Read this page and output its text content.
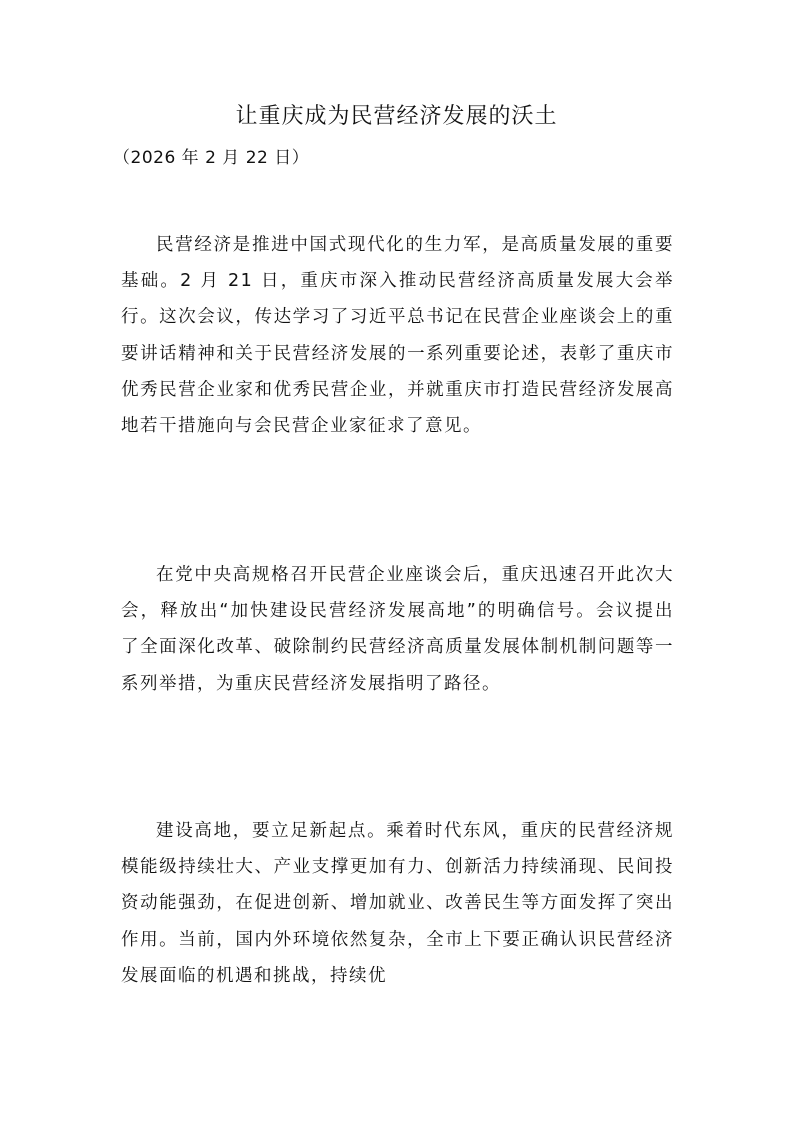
让重庆成为民营经济发展的沃土

（2026 年 2 月 22 日）

民营经济是推进中国式现代化的生力军，是高质量发展的重要基础。2 月 21 日，重庆市深入推动民营经济高质量发展大会举行。这次会议，传达学习了习近平总书记在民营企业座谈会上的重要讲话精神和关于民营经济发展的一系列重要论述，表彰了重庆市优秀民营企业家和优秀民营企业，并就重庆市打造民营经济发展高地若干措施向与会民营企业家征求了意见。

在党中央高规格召开民营企业座谈会后，重庆迅速召开此次大会，释放出“加快建设民营经济发展高地”的明确信号。会议提出了全面深化改革、破除制约民营经济高质量发展体制机制问题等一系列举措，为重庆民营经济发展指明了路径。

建设高地，要立足新起点。乘着时代东风，重庆的民营经济规模能级持续壮大、产业支撑更加有力、创新活力持续涌现、民间投资动能强劲，在促进创新、增加就业、改善民生等方面发挥了突出作用。当前，国内外环境依然复杂，全市上下要正确认识民营经济发展面临的机遇和挑战，持续优
